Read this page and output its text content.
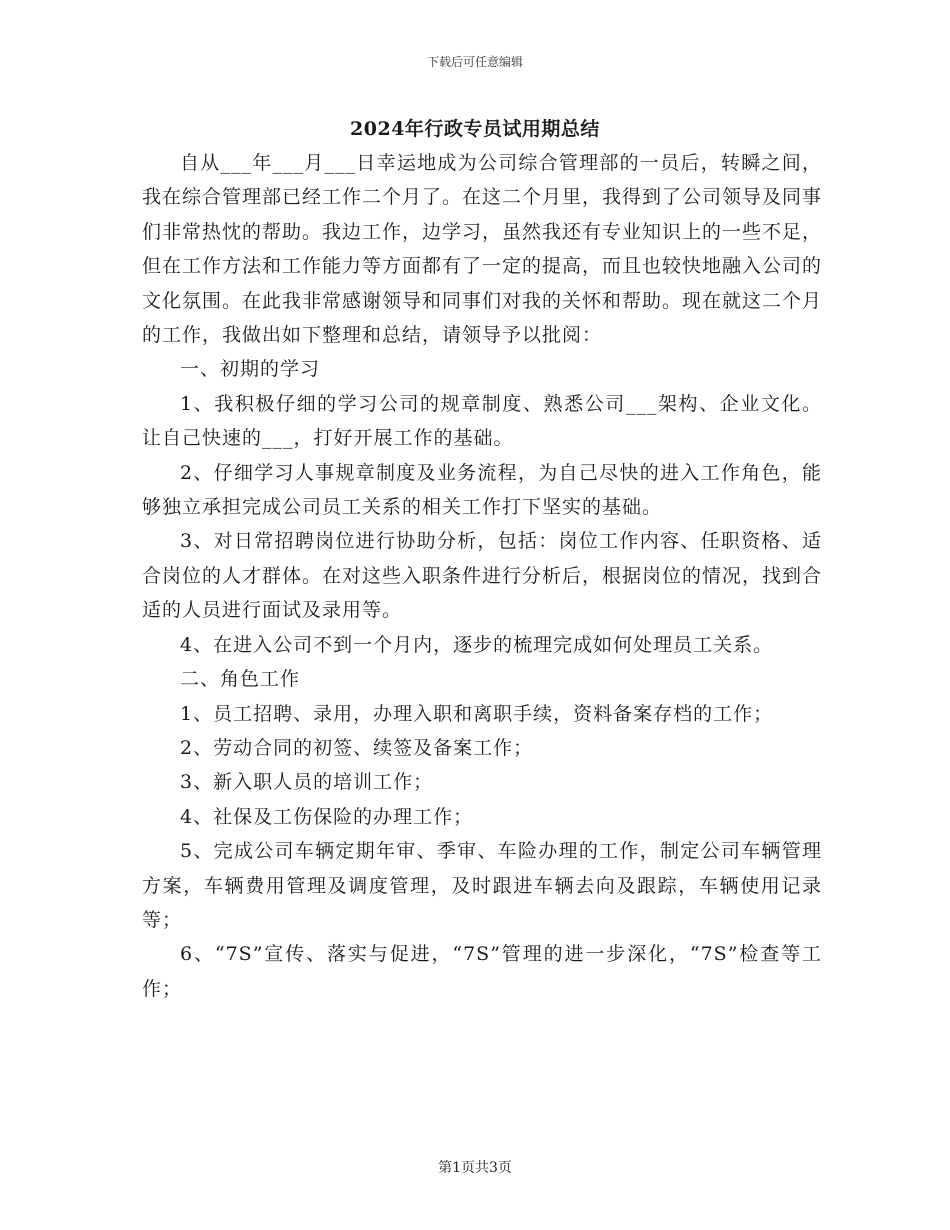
下载后可任意编辑
2024年行政专员试用期总结

自从___年___月___日幸运地成为公司综合管理部的一员后，转瞬之间，我在综合管理部已经工作二个月了。在这二个月里，我得到了公司领导及同事们非常热忱的帮助。我边工作，边学习，虽然我还有专业知识上的一些不足，但在工作方法和工作能力等方面都有了一定的提高，而且也较快地融入公司的文化氛围。在此我非常感谢领导和同事们对我的关怀和帮助。现在就这二个月的工作，我做出如下整理和总结，请领导予以批阅：

一、初期的学习

1、我积极仔细的学习公司的规章制度、熟悉公司___架构、企业文化。让自己快速的___，打好开展工作的基础。

2、仔细学习人事规章制度及业务流程，为自己尽快的进入工作角色，能够独立承担完成公司员工关系的相关工作打下坚实的基础。

3、对日常招聘岗位进行协助分析，包括：岗位工作内容、任职资格、适合岗位的人才群体。在对这些入职条件进行分析后，根据岗位的情况，找到合适的人员进行面试及录用等。

4、在进入公司不到一个月内，逐步的梳理完成如何处理员工关系。

二、角色工作

1、员工招聘、录用，办理入职和离职手续，资料备案存档的工作；

2、劳动合同的初签、续签及备案工作；

3、新入职人员的培训工作；

4、社保及工伤保险的办理工作；

5、完成公司车辆定期年审、季审、车险办理的工作，制定公司车辆管理方案，车辆费用管理及调度管理，及时跟进车辆去向及跟踪，车辆使用记录等；

6、“7S”宣传、落实与促进，“7S”管理的进一步深化，“7S”检查等工作；

第1页共3页
